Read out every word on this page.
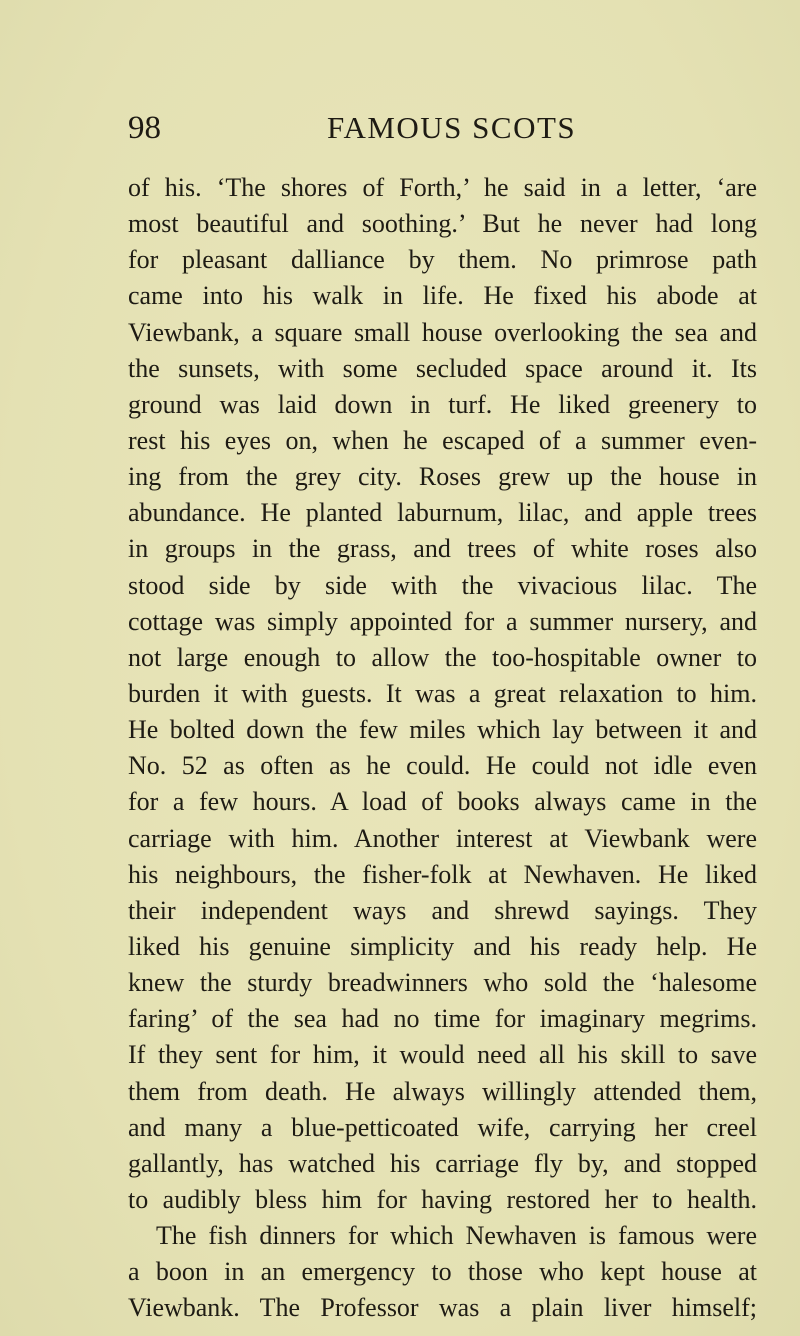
98	FAMOUS SCOTS
of his. ‘The shores of Forth,’ he said in a letter, ‘are
most beautiful and soothing.’ But he never had long
for pleasant dalliance by them. No primrose path
came into his walk in life. He fixed his abode at
Viewbank, a square small house overlooking the sea and
the sunsets, with some secluded space around it. Its
ground was laid down in turf. He liked greenery to
rest his eyes on, when he escaped of a summer even-
ing from the grey city. Roses grew up the house in
abundance. He planted laburnum, lilac, and apple trees
in groups in the grass, and trees of white roses also
stood side by side with the vivacious lilac. The
cottage was simply appointed for a summer nursery, and
not large enough to allow the too-hospitable owner to
burden it with guests. It was a great relaxation to him.
He bolted down the few miles which lay between it and
No. 52 as often as he could. He could not idle even
for a few hours. A load of books always came in the
carriage with him. Another interest at Viewbank were
his neighbours, the fisher-folk at Newhaven. He liked
their independent ways and shrewd sayings. They
liked his genuine simplicity and his ready help. He
knew the sturdy breadwinners who sold the ‘halesome
faring’ of the sea had no time for imaginary megrims.
If they sent for him, it would need all his skill to save
them from death. He always willingly attended them,
and many a blue-petticoated wife, carrying her creel
gallantly, has watched his carriage fly by, and stopped
to audibly bless him for having restored her to health.
The fish dinners for which Newhaven is famous were
a boon in an emergency to those who kept house at
Viewbank. The Professor was a plain liver himself;
